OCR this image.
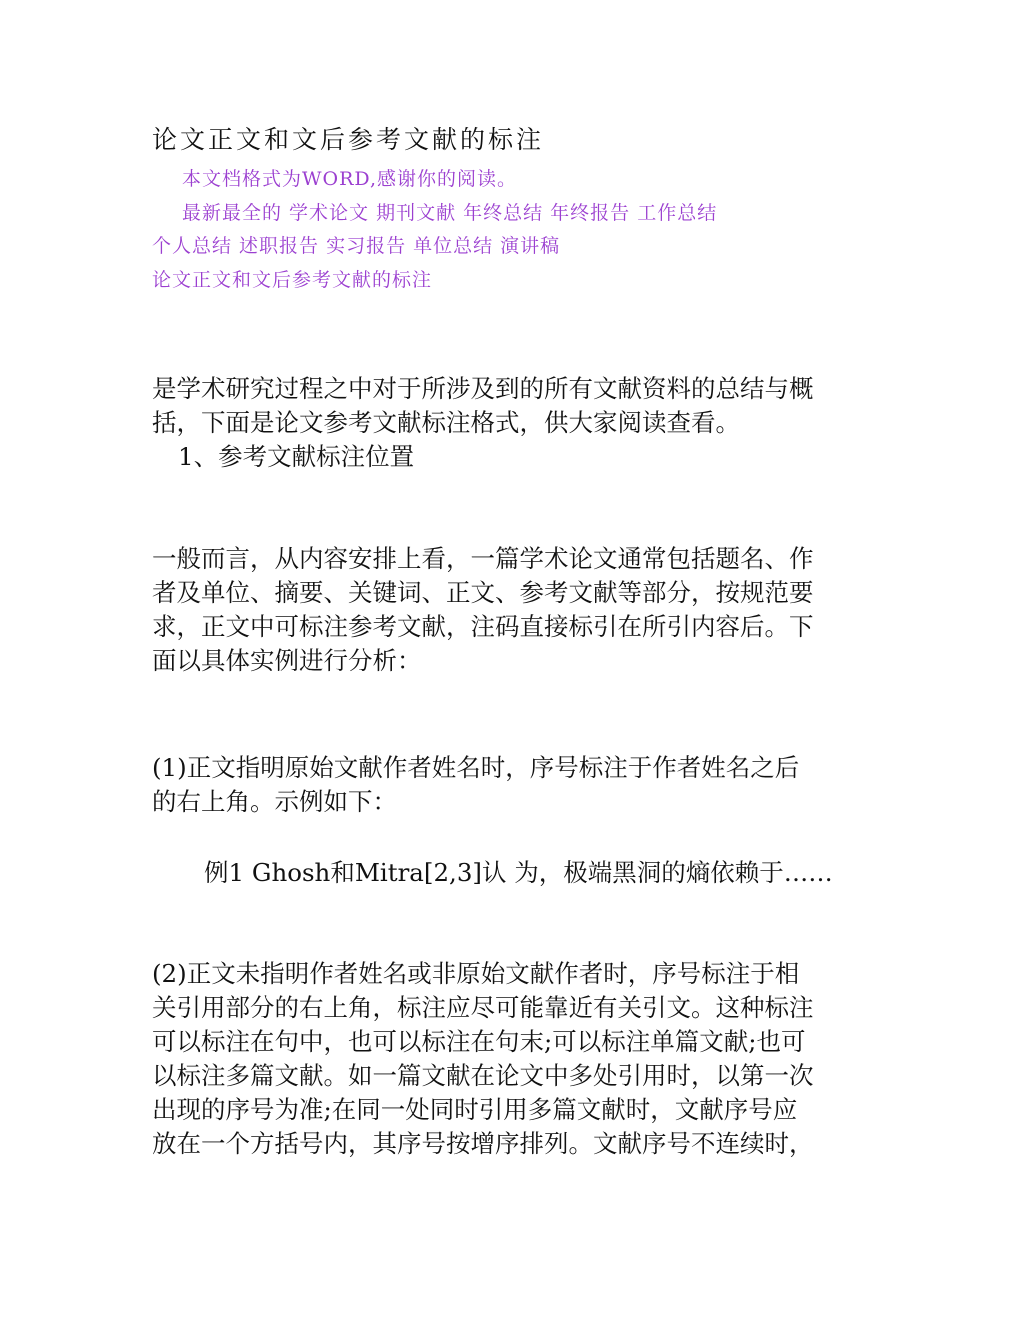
论文正文和文后参考文献的标注
本文档格式为WORD,感谢你的阅读。
最新最全的 学术论文 期刊文献 年终总结 年终报告 工作总结
个人总结 述职报告 实习报告 单位总结 演讲稿
论文正文和文后参考文献的标注
是学术研究过程之中对于所涉及到的所有文献资料的总结与概
括，下面是论文参考文献标注格式，供大家阅读查看。
1、参考文献标注位置
一般而言，从内容安排上看，一篇学术论文通常包括题名、作
者及单位、摘要、关键词、正文、参考文献等部分，按规范要
求，正文中可标注参考文献，注码直接标引在所引内容后。下
面以具体实例进行分析：
(1)正文指明原始文献作者姓名时，序号标注于作者姓名之后
的右上角。示例如下：
例1 Ghosh和Mitra[2,3]认 为，极端黑洞的熵依赖于……
(2)正文未指明作者姓名或非原始文献作者时，序号标注于相
关引用部分的右上角，标注应尽可能靠近有关引文。这种标注
可以标注在句中，也可以标注在句末;可以标注单篇文献;也可
以标注多篇文献。如一篇文献在论文中多处引用时，以第一次
出现的序号为准;在同一处同时引用多篇文献时，文献序号应
放在一个方括号内，其序号按增序排列。文献序号不连续时，
